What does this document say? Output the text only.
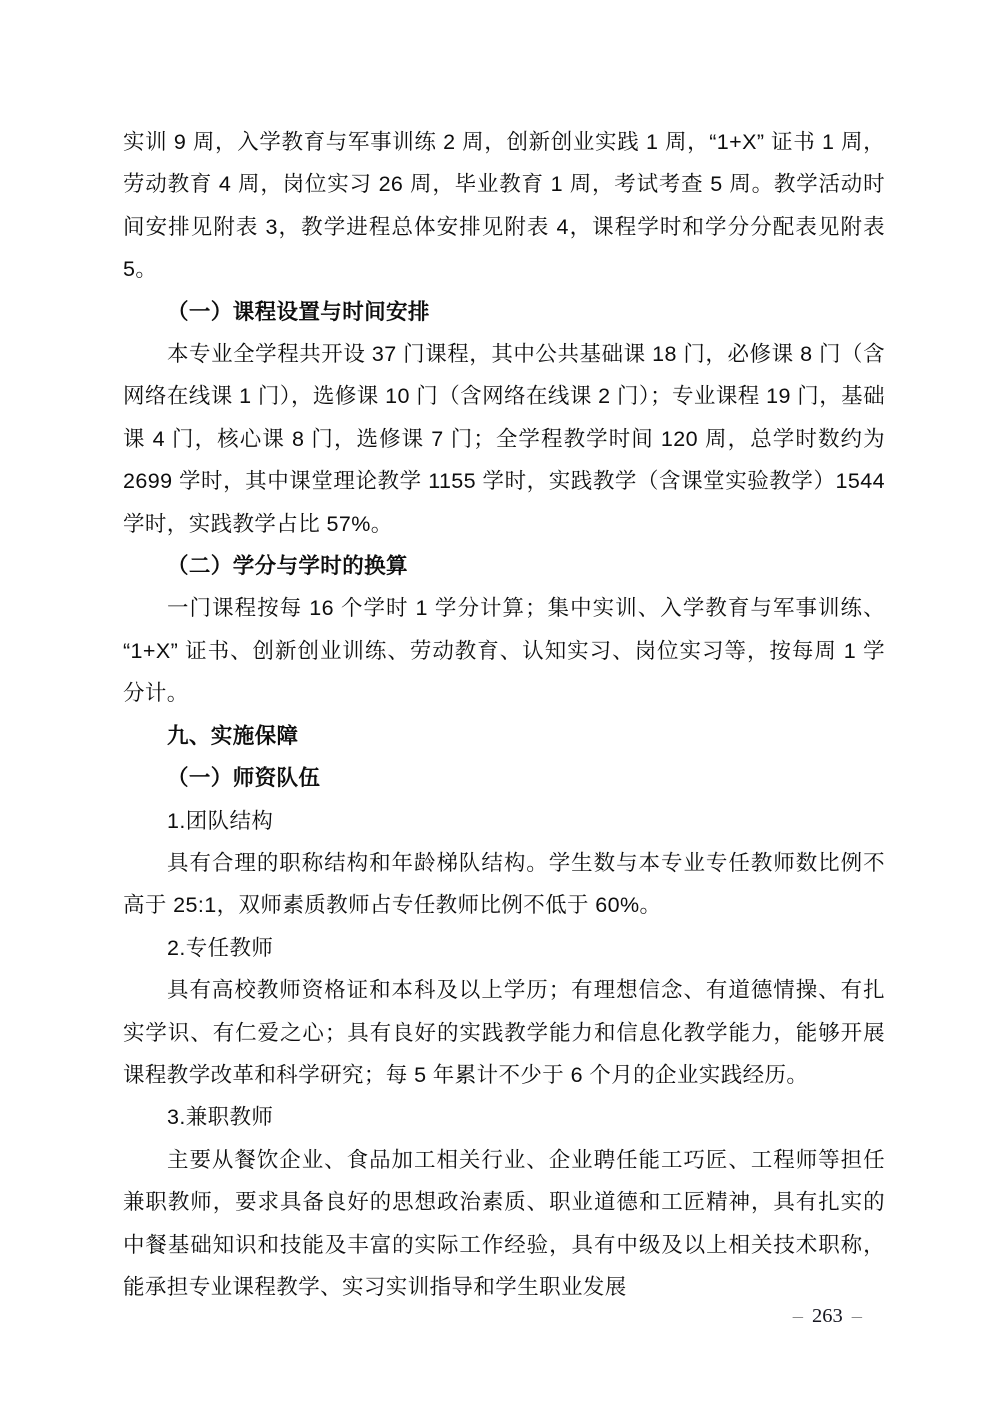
实训 9 周，入学教育与军事训练 2 周，创新创业实践 1 周，“1+X” 证书 1 周，劳动教育 4 周，岗位实习 26 周，毕业教育 1 周，考试考查 5 周。教学活动时间安排见附表 3，教学进程总体安排见附表 4，课程学时和学分分配表见附表 5。

（一）课程设置与时间安排

本专业全学程共开设 37 门课程，其中公共基础课 18 门，必修课 8 门（含网络在线课 1 门），选修课 10 门（含网络在线课 2 门）；专业课程 19 门，基础课 4 门，核心课 8 门，选修课 7 门；全学程教学时间 120 周，总学时数约为 2699 学时，其中课堂理论教学 1155 学时，实践教学（含课堂实验教学）1544 学时，实践教学占比 57%。

（二）学分与学时的换算

一门课程按每 16 个学时 1 学分计算；集中实训、入学教育与军事训练、 “1+X” 证书、创新创业训练、劳动教育、认知实习、岗位实习等，按每周 1 学分计。

九、实施保障

（一）师资队伍

1.团队结构

具有合理的职称结构和年龄梯队结构。学生数与本专业专任教师数比例不高于 25:1，双师素质教师占专任教师比例不低于 60%。

2.专任教师

具有高校教师资格证和本科及以上学历；有理想信念、有道德情操、有扎实学识、有仁爱之心；具有良好的实践教学能力和信息化教学能力，能够开展课程教学改革和科学研究；每 5 年累计不少于 6 个月的企业实践经历。

3.兼职教师

主要从餐饮企业、食品加工相关行业、企业聘任能工巧匠、工程师等担任兼职教师，要求具备良好的思想政治素质、职业道德和工匠精神，具有扎实的中餐基础知识和技能及丰富的实际工作经验，具有中级及以上相关技术职称，能承担专业课程教学、实习实训指导和学生职业发展

– 263 –
